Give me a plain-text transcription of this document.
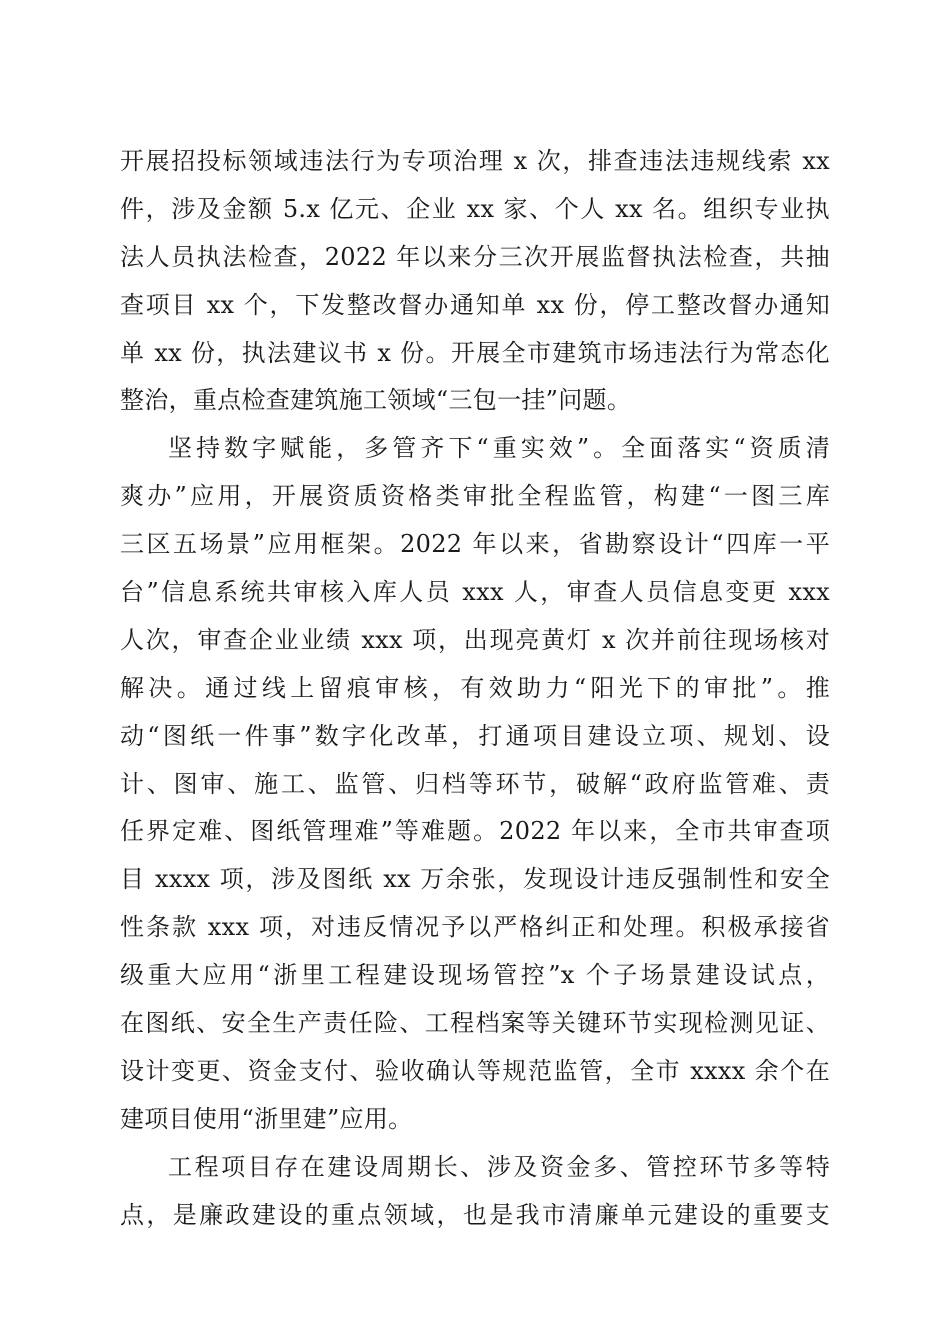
开展招投标领域违法行为专项治理 x 次，排查违法违规线索 xx
件，涉及金额 5.x 亿元、企业 xx 家、个人 xx 名。组织专业执
法人员执法检查，2022 年以来分三次开展监督执法检查，共抽
查项目 xx 个，下发整改督办通知单 xx 份，停工整改督办通知
单 xx 份，执法建议书 x 份。开展全市建筑市场违法行为常态化
整治，重点检查建筑施工领域“三包一挂”问题。
坚持数字赋能，多管齐下“重实效”。全面落实“资质清
爽办”应用，开展资质资格类审批全程监管，构建“一图三库
三区五场景”应用框架。2022 年以来，省勘察设计“四库一平
台”信息系统共审核入库人员 xxx 人，审查人员信息变更 xxx
人次，审查企业业绩 xxx 项，出现亮黄灯 x 次并前往现场核对
解决。通过线上留痕审核，有效助力“阳光下的审批”。推
动“图纸一件事”数字化改革，打通项目建设立项、规划、设
计、图审、施工、监管、归档等环节，破解“政府监管难、责
任界定难、图纸管理难”等难题。2022 年以来，全市共审查项
目 xxxx 项，涉及图纸 xx 万余张，发现设计违反强制性和安全
性条款 xxx 项，对违反情况予以严格纠正和处理。积极承接省
级重大应用“浙里工程建设现场管控”x 个子场景建设试点，
在图纸、安全生产责任险、工程档案等关键环节实现检测见证、
设计变更、资金支付、验收确认等规范监管，全市 xxxx 余个在
建项目使用“浙里建”应用。
工程项目存在建设周期长、涉及资金多、管控环节多等特
点，是廉政建设的重点领域，也是我市清廉单元建设的重要支
